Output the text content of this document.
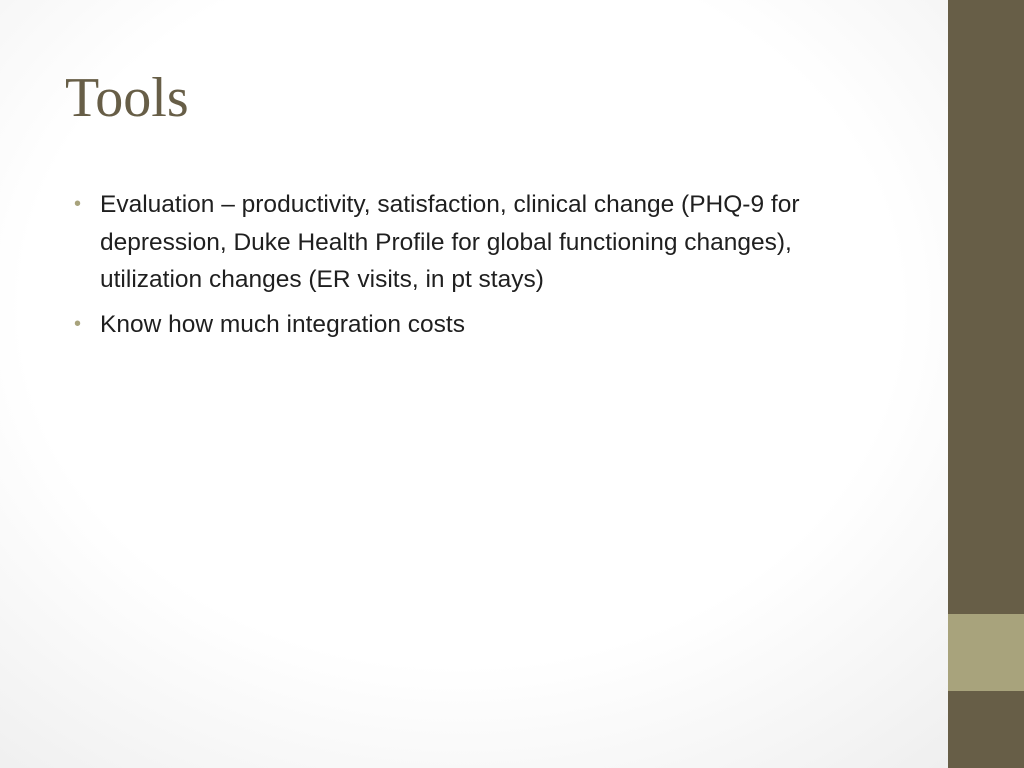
Tools
• Evaluation – productivity, satisfaction, clinical change (PHQ-9 for depression, Duke Health Profile for global functioning changes), utilization changes (ER visits, in pt stays)
• Know how much integration costs
